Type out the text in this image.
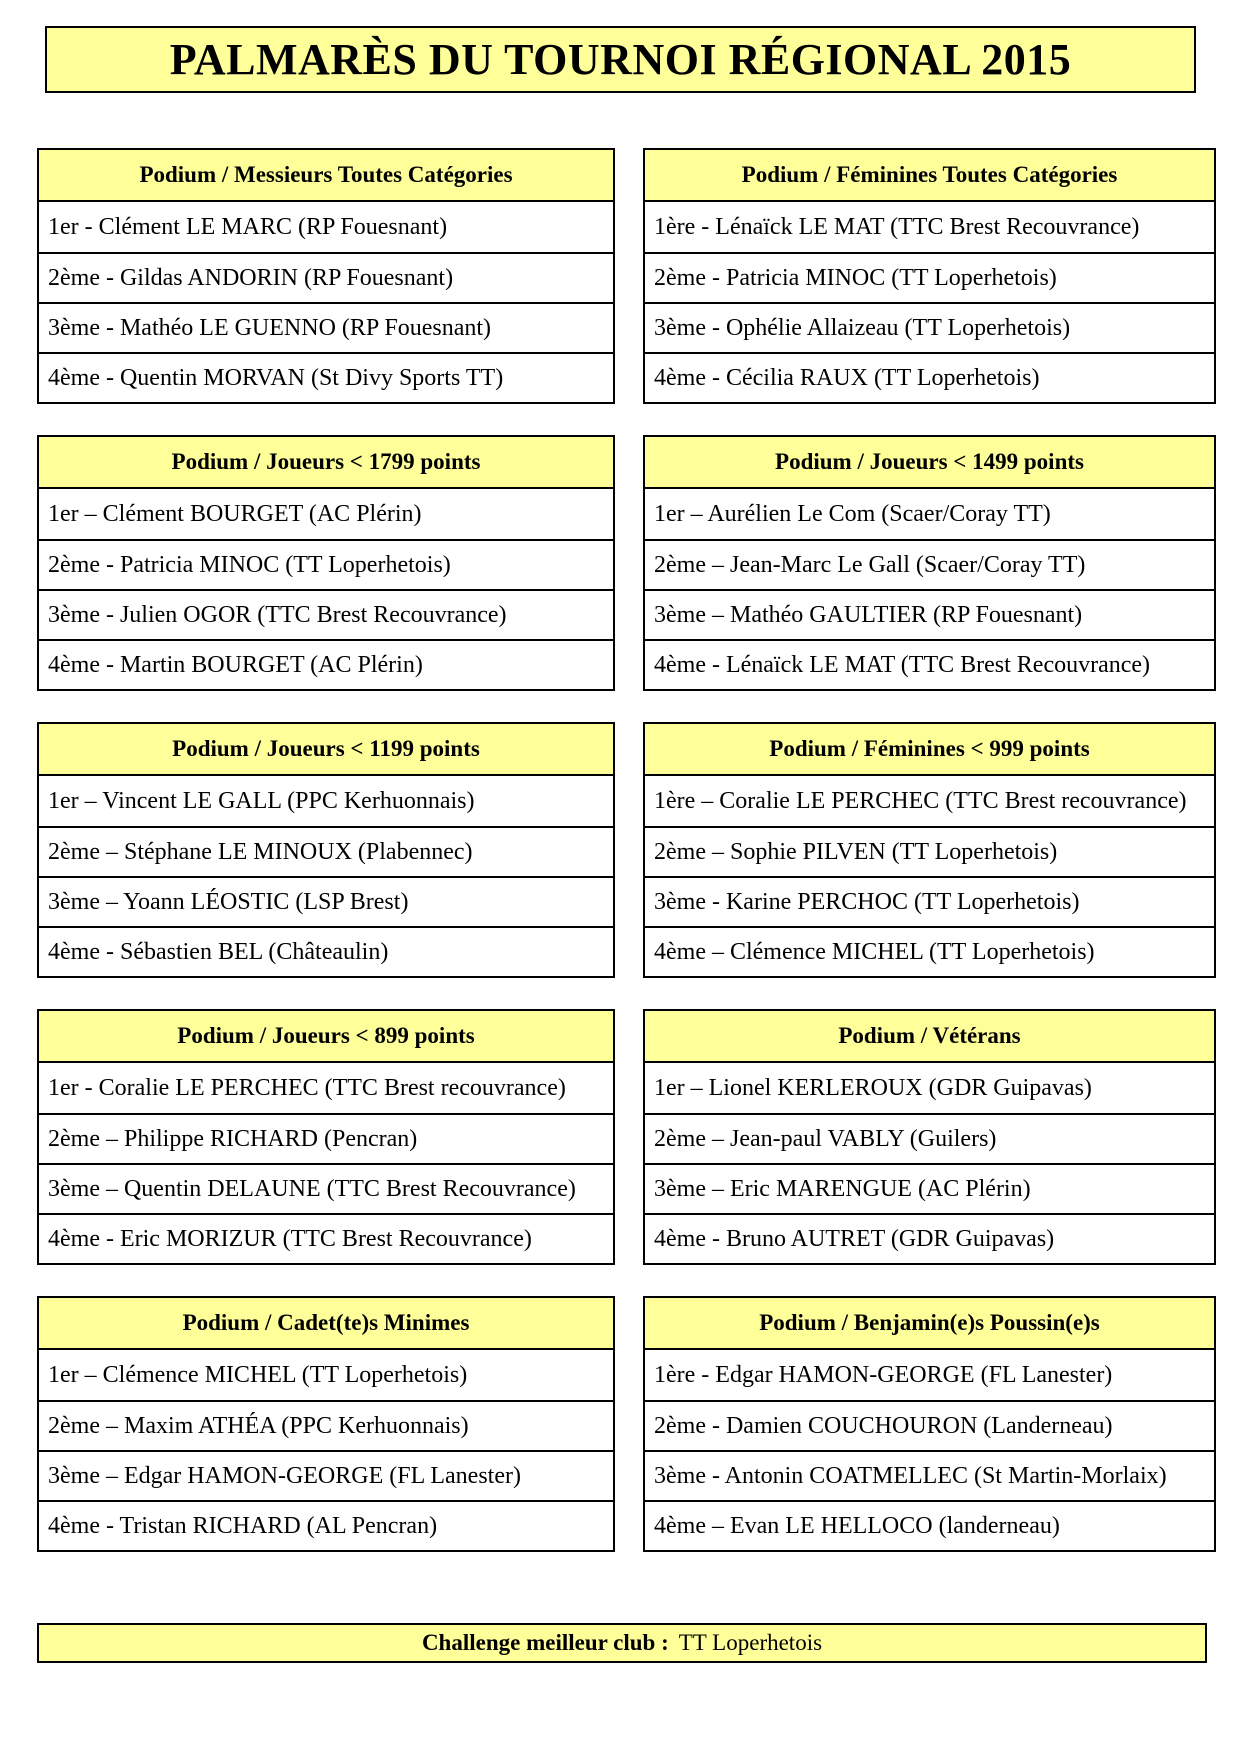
PALMARÈS DU TOURNOI RÉGIONAL 2015
Podium / Messieurs Toutes Catégories
1er - Clément LE MARC (RP Fouesnant)
2ème - Gildas ANDORIN (RP Fouesnant)
3ème - Mathéo LE GUENNO (RP Fouesnant)
4ème - Quentin MORVAN (St Divy Sports TT)
Podium / Féminines Toutes Catégories
1ère - Lénaïck LE MAT (TTC Brest Recouvrance)
2ème - Patricia MINOC (TT Loperhetois)
3ème - Ophélie Allaizeau (TT Loperhetois)
4ème - Cécilia RAUX (TT Loperhetois)
Podium / Joueurs < 1799 points
1er – Clément BOURGET (AC Plérin)
2ème - Patricia MINOC (TT Loperhetois)
3ème - Julien OGOR (TTC Brest Recouvrance)
4ème - Martin BOURGET (AC Plérin)
Podium / Joueurs < 1499 points
1er – Aurélien Le Com (Scaer/Coray TT)
2ème – Jean-Marc Le Gall (Scaer/Coray TT)
3ème – Mathéo GAULTIER (RP Fouesnant)
4ème - Lénaïck LE MAT (TTC Brest Recouvrance)
Podium / Joueurs < 1199 points
1er – Vincent LE GALL (PPC Kerhuonnais)
2ème – Stéphane LE MINOUX (Plabennec)
3ème – Yoann LÉOSTIC (LSP Brest)
4ème - Sébastien BEL (Châteaulin)
Podium / Féminines < 999 points
1ère – Coralie LE PERCHEC (TTC Brest recouvrance)
2ème – Sophie PILVEN (TT Loperhetois)
3ème - Karine PERCHOC (TT Loperhetois)
4ème – Clémence MICHEL (TT Loperhetois)
Podium / Joueurs < 899 points
1er - Coralie LE PERCHEC (TTC Brest recouvrance)
2ème – Philippe RICHARD (Pencran)
3ème – Quentin DELAUNE (TTC Brest Recouvrance)
4ème - Eric MORIZUR (TTC Brest Recouvrance)
Podium / Vétérans
1er – Lionel KERLEROUX (GDR Guipavas)
2ème – Jean-paul VABLY (Guilers)
3ème – Eric MARENGUE (AC Plérin)
4ème - Bruno AUTRET (GDR Guipavas)
Podium / Cadet(te)s Minimes
1er – Clémence MICHEL (TT Loperhetois)
2ème – Maxim ATHÉA (PPC Kerhuonnais)
3ème – Edgar HAMON-GEORGE (FL Lanester)
4ème - Tristan RICHARD (AL Pencran)
Podium / Benjamin(e)s Poussin(e)s
1ère - Edgar HAMON-GEORGE (FL Lanester)
2ème - Damien COUCHOURON (Landerneau)
3ème - Antonin COATMELLEC (St Martin-Morlaix)
4ème – Evan LE HELLOCO (landerneau)
Challenge meilleur club : TT Loperhetois
